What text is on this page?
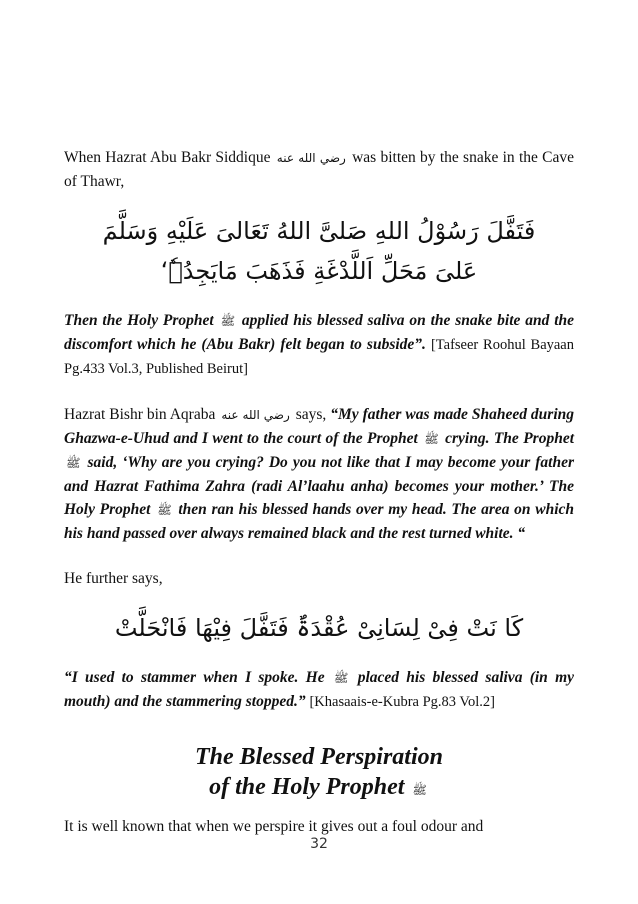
When Hazrat Abu Bakr Siddique رضي الله عنه was bitten by the snake in the Cave of Thawr,

فَتَفَّلَ رَسُوْلُ اللهِ صَلیَّ اللهُ تَعَالیَ عَلَیْهِ وَسَلَّمَ
عَلیَ مَحَلِّ اَللَّدْغَةِ فَذَهَبَ مَایَجِدُہٗ‘

Then the Holy Prophet ﷺ applied his blessed saliva on the snake bite and the discomfort which he (Abu Bakr) felt began to subside”. [Tafseer Roohul Bayaan Pg.433 Vol.3, Published Beirut]

Hazrat Bishr bin Aqraba رضي الله عنه says, “My father was made Shaheed during Ghazwa-e-Uhud and I went to the court of the Prophet ﷺ crying. The Prophet ﷺ said, ‘Why are you crying? Do you not like that I may become your father and Hazrat Fathima Zahra (radi Al’laahu anha) becomes your mother.’ The Holy Prophet ﷺ then ran his blessed hands over my head. The area on which his hand passed over always remained black and the rest turned white. “

He further says,

کَا نَتْ فِیْ لِسَانِیْ عُقْدَۃٌ فَتَفَّلَ فِیْهَا فَانْحَلَّتْ

“I used to stammer when I spoke. He ﷺ placed his blessed saliva (in my mouth) and the stammering stopped.” [Khasaais-e-Kubra Pg.83 Vol.2]

The Blessed Perspiration
of the Holy Prophet ﷺ

It is well known that when we perspire it gives out a foul odour and

32
